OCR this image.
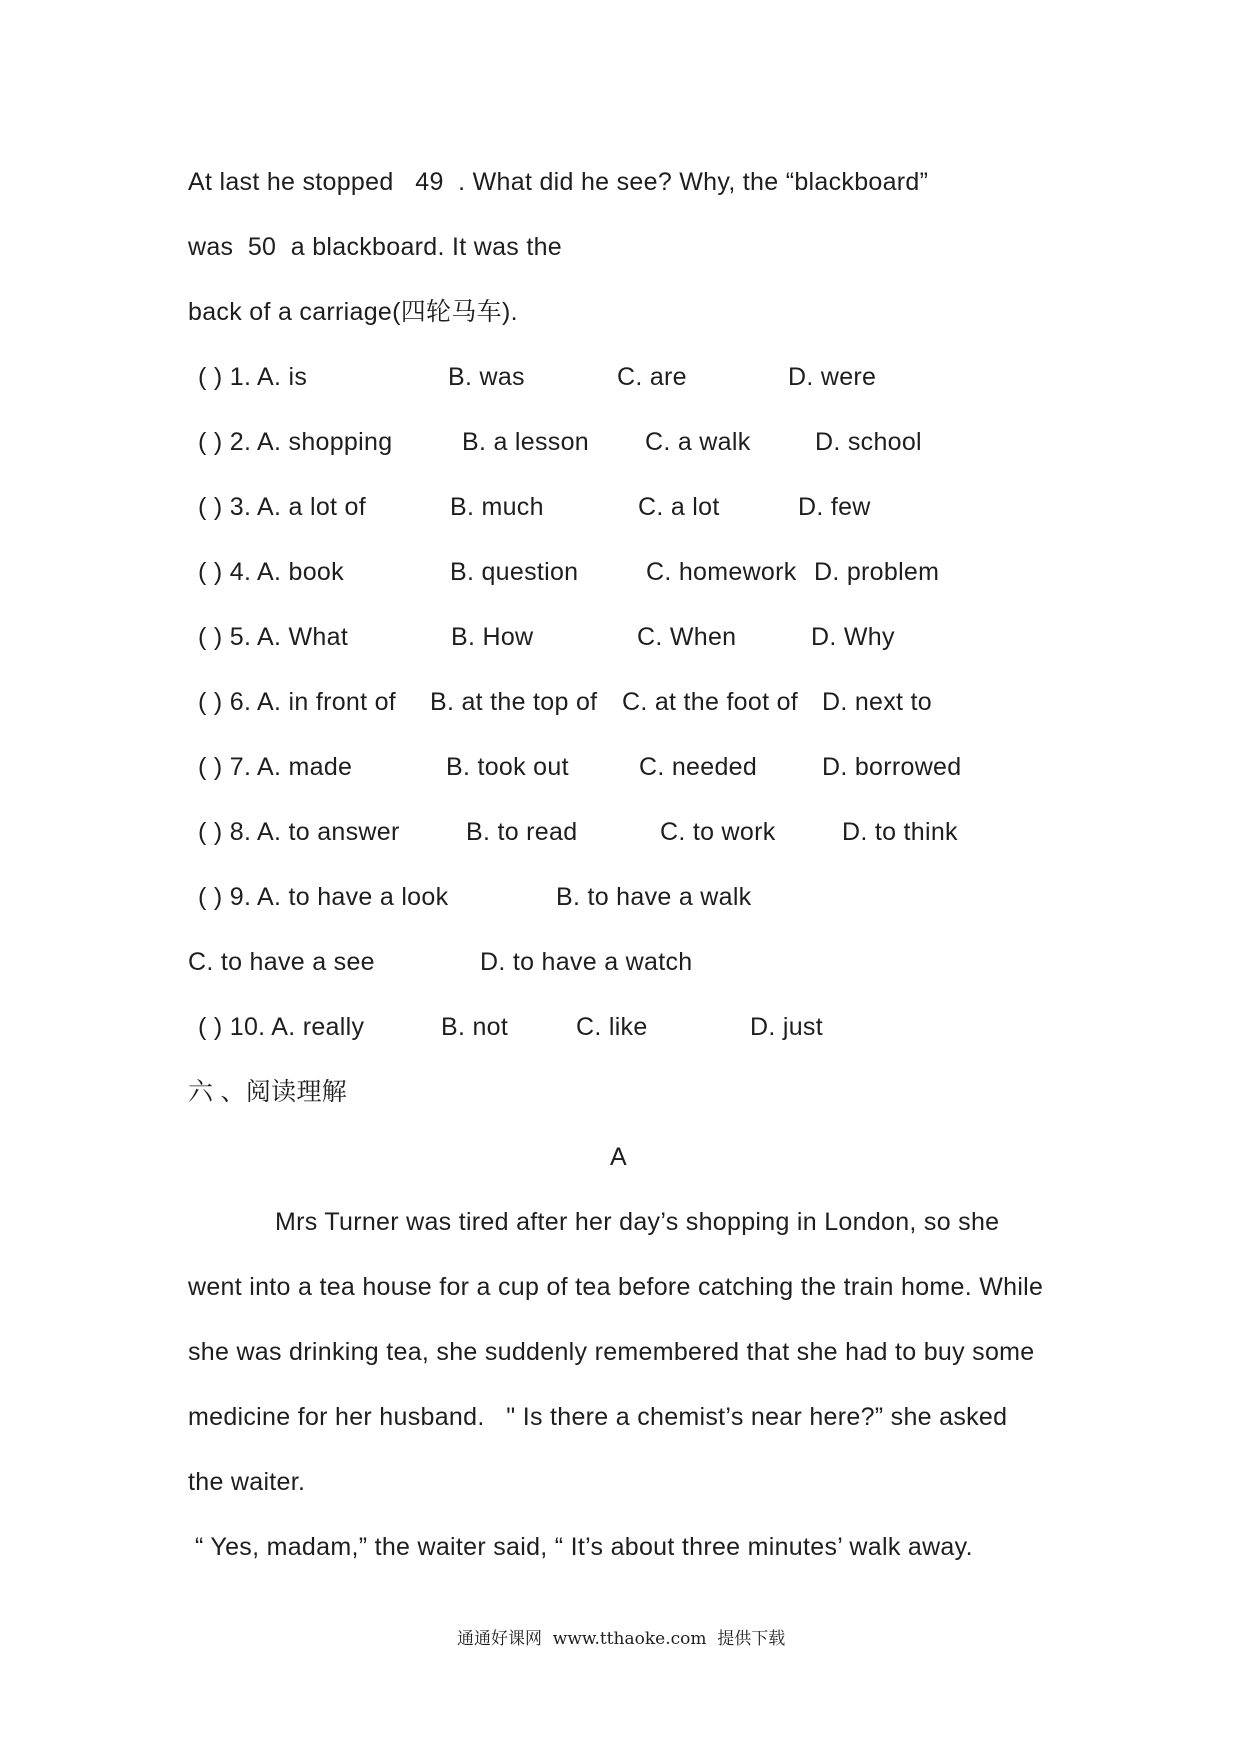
At last he stopped   49  . What did he see? Why, the “blackboard”
was  50  a blackboard. It was the
back of a carriage(四轮马车).
( ) 1. A. is	B. was	C. are	D. were
( ) 2. A. shopping	B. a lesson C. a walk	D. school
( ) 3. A. a lot of	B. much	C. a lot	D. few
( ) 4. A. book	B. question	C. homework D. problem
( ) 5. A. What	B. How	C. When	D. Why
( ) 6. A. in front of B. at the top of C. at the foot of D. next to
( ) 7. A. made	B. took out	C. needed	D. borrowed
( ) 8. A. to answer	B. to read	C. to work	D. to think
( ) 9. A. to have a look	B. to have a walk
C. to have a see	D. to have a watch
( ) 10. A. really	B. not	C. like	D. just
六 、阅读理解
A
Mrs Turner was tired after her day’s shopping in London, so she
went into a tea house for a cup of tea before catching the train home. While
she was drinking tea, she suddenly remembered that she had to buy some
medicine for her husband.   " Is there a chemist’s near here?” she asked
the waiter.
“ Yes, madam,” the waiter said, “ It’s about three minutes’ walk away.
通通好课网  www.tthaoke.com  提供下载
